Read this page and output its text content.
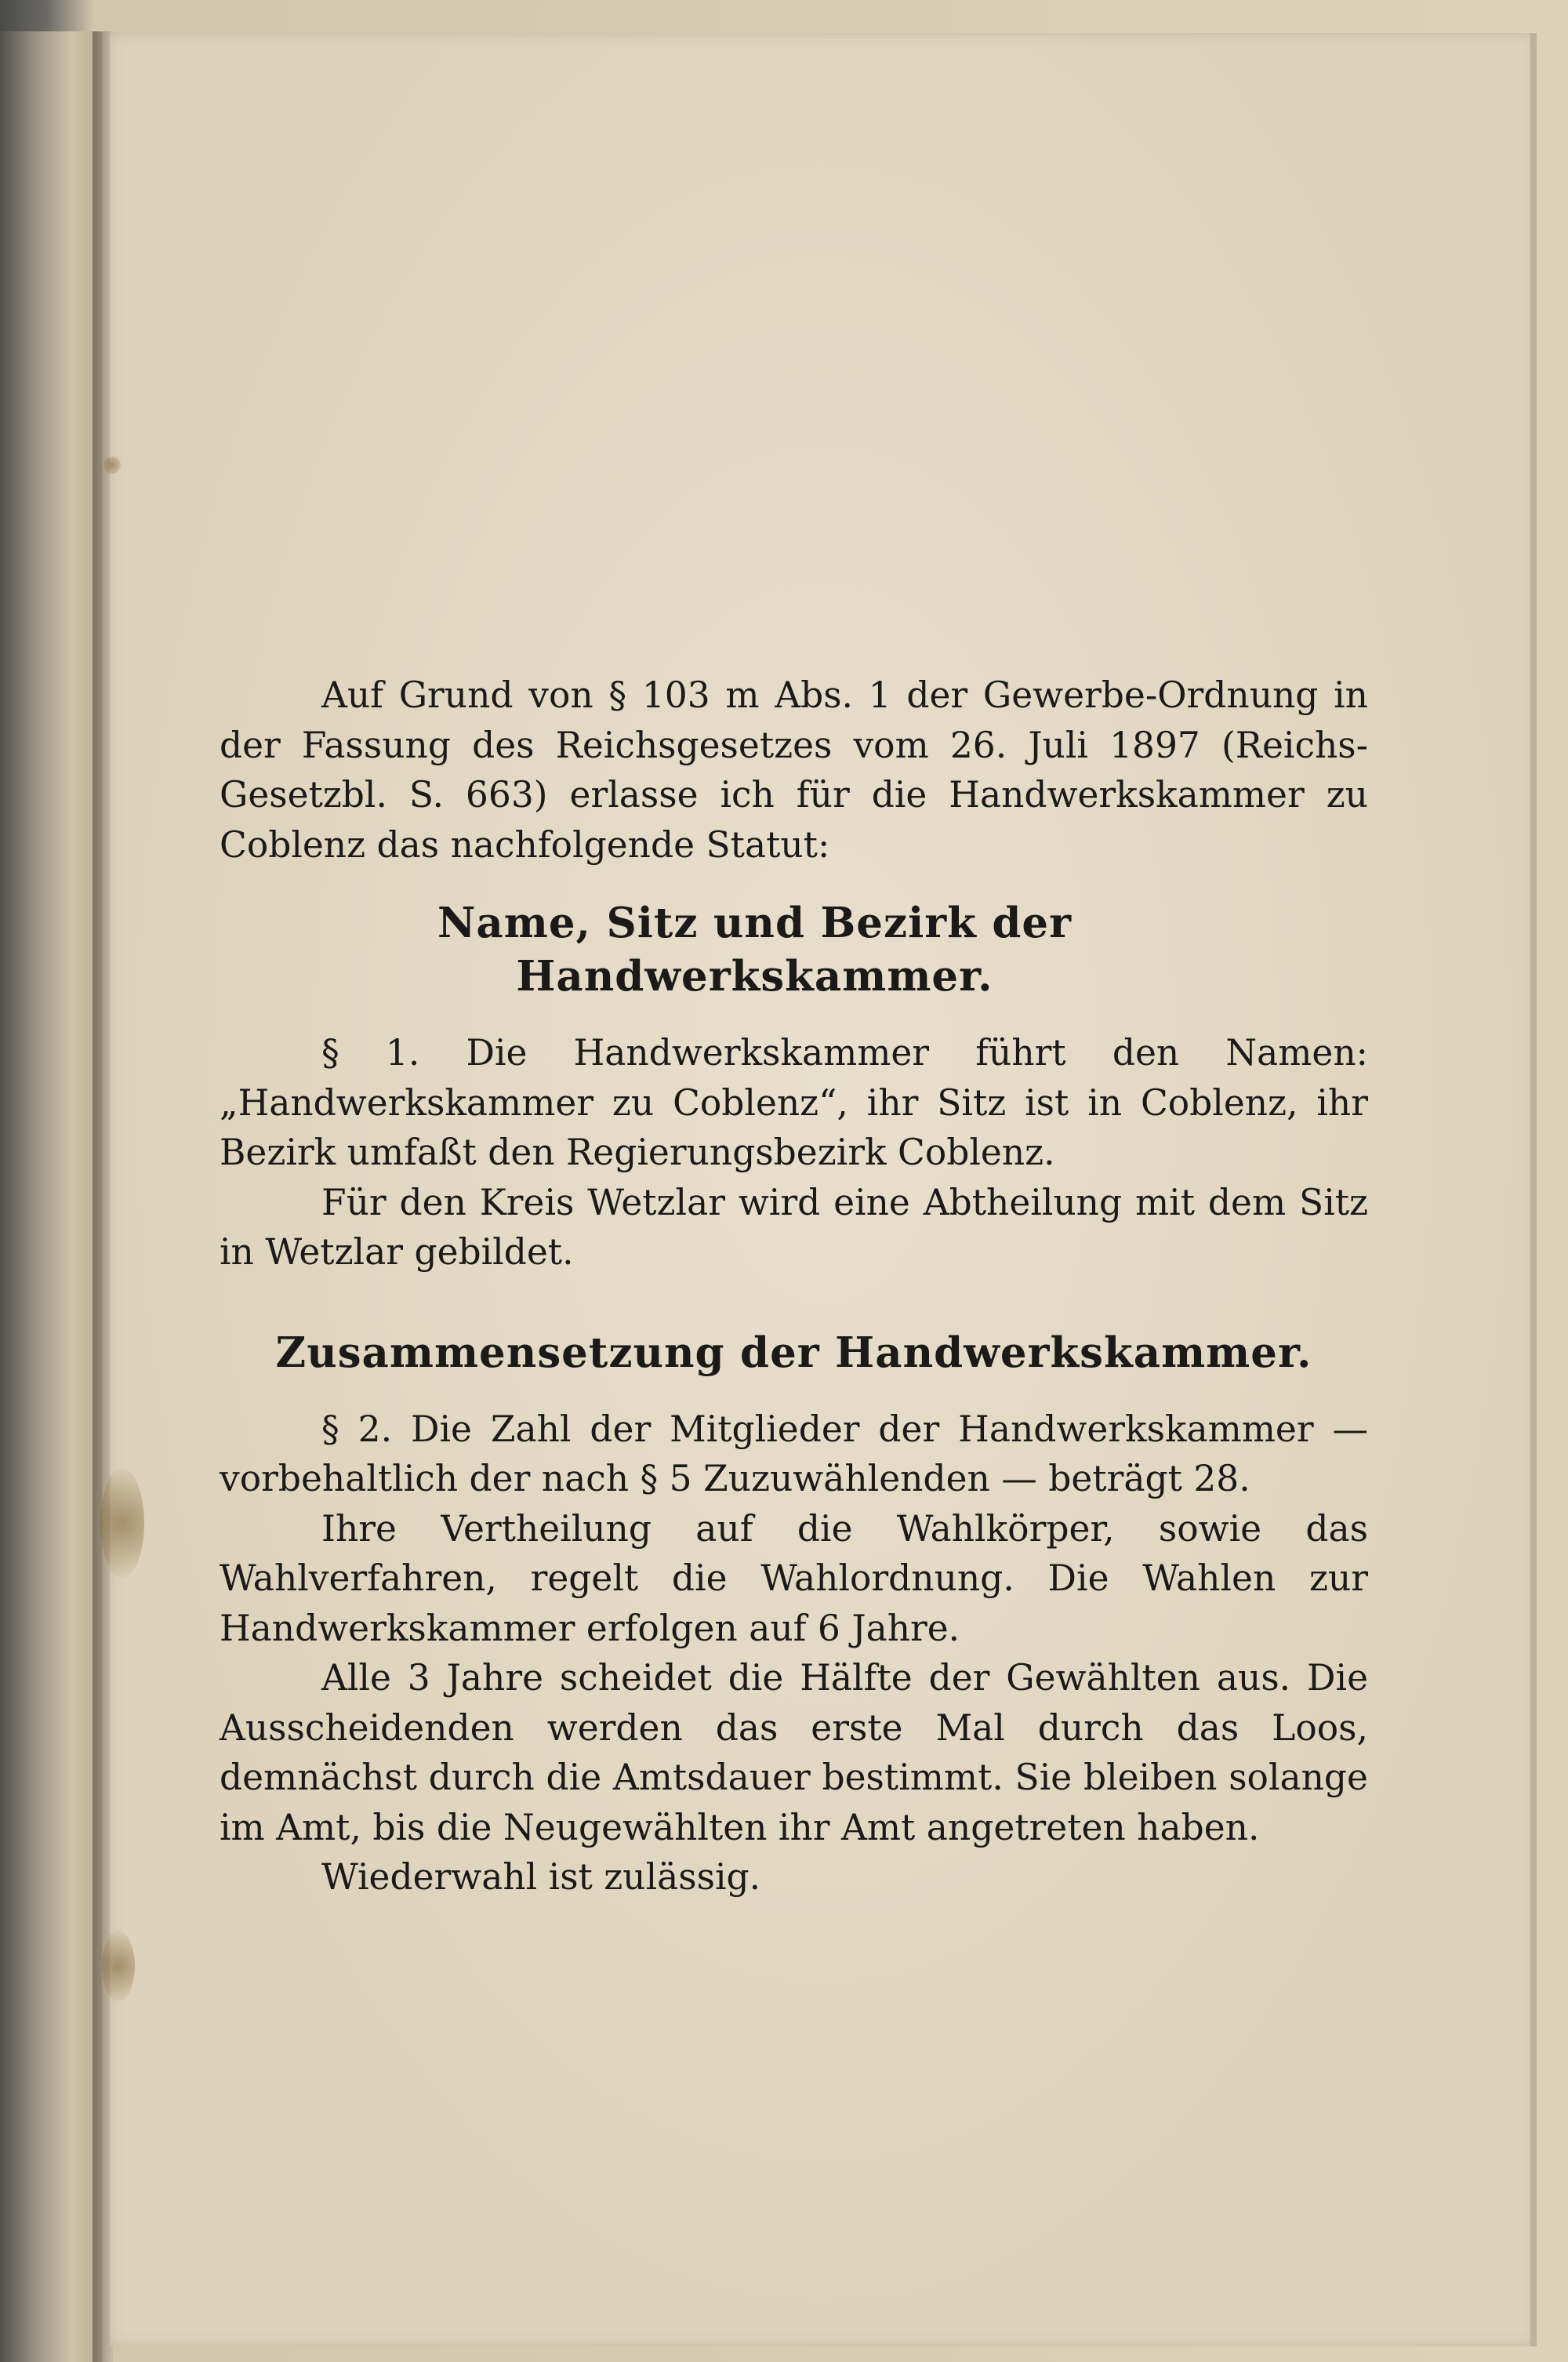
Auf Grund von § 103 m Abs. 1 der Gewerbe-Ordnung in der Fassung des Reichsgesetzes vom 26. Juli 1897 (Reichs-Gesetzbl. S. 663) erlasse ich für die Handwerkskammer zu Coblenz das nachfolgende Statut:

Name, Sitz und Bezirk der Handwerkskammer.

§ 1. Die Handwerkskammer führt den Namen: „Handwerkskammer zu Coblenz“, ihr Sitz ist in Coblenz, ihr Bezirk umfaßt den Regierungsbezirk Coblenz.

Für den Kreis Wetzlar wird eine Abtheilung mit dem Sitz in Wetzlar gebildet.

Zusammensetzung der Handwerkskammer.

§ 2. Die Zahl der Mitglieder der Handwerkskammer — vorbehaltlich der nach § 5 Zuzuwählenden — beträgt 28.

Ihre Vertheilung auf die Wahlkörper, sowie das Wahlverfahren, regelt die Wahlordnung. Die Wahlen zur Handwerkskammer erfolgen auf 6 Jahre.

Alle 3 Jahre scheidet die Hälfte der Gewählten aus. Die Ausscheidenden werden das erste Mal durch das Loos, demnächst durch die Amtsdauer bestimmt. Sie bleiben solange im Amt, bis die Neugewählten ihr Amt angetreten haben.

Wiederwahl ist zulässig.
